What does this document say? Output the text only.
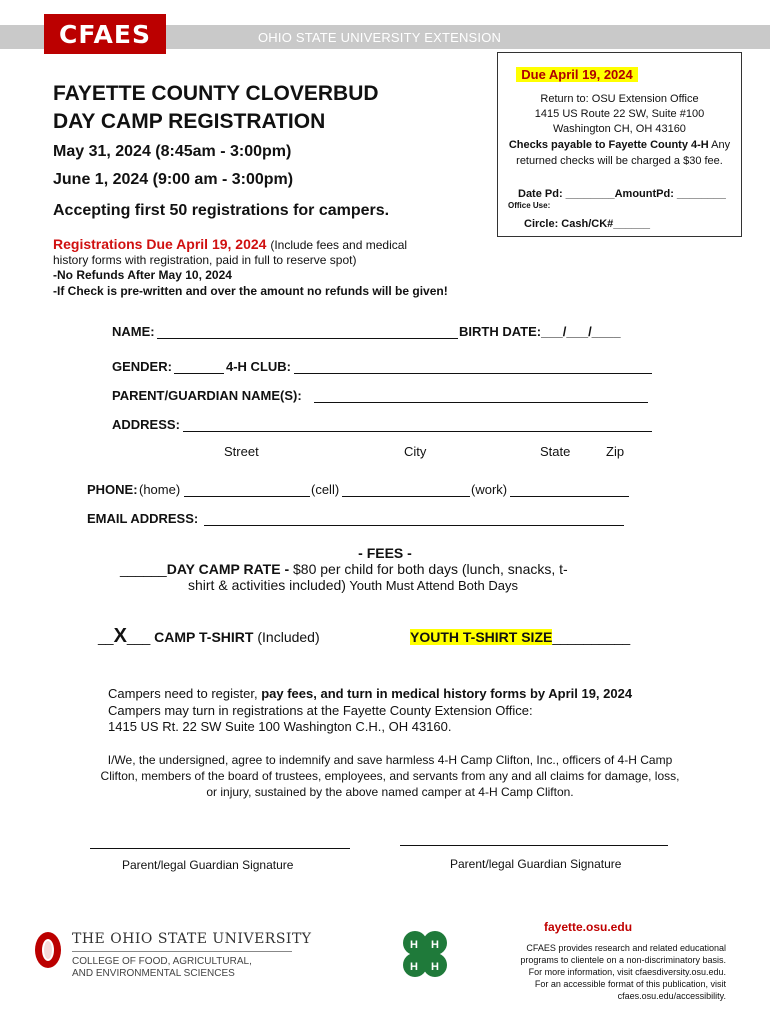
OHIO STATE UNIVERSITY EXTENSION
CFAES
FAYETTE COUNTY CLOVERBUD
DAY CAMP REGISTRATION
May 31, 2024 (8:45am - 3:00pm)
June 1, 2024 (9:00 am - 3:00pm)
Accepting first 50 registrations for campers.
Registrations Due April 19, 2024 (Include fees and medical
history forms with registration, paid in full to reserve spot)
-No Refunds After May 10, 2024
-If Check is pre-written and over the amount no refunds will be given!
Due April 19, 2024
Return to: OSU Extension Office
1415 US Route 22 SW, Suite #100
Washington CH, OH 43160
Checks payable to Fayette County 4-H Any
returned checks will be charged a $30 fee.
Date Pd: ________AmountPd: ________
Office Use:
Circle: Cash/CK#______
NAME:	BIRTH DATE:___/___/____
GENDER:	4-H CLUB:
PARENT/GUARDIAN NAME(S):
ADDRESS:
Street	City	State	Zip
PHONE: (home)	(cell)	(work)
EMAIL ADDRESS:
- FEES -
______DAY CAMP RATE - $80 per child for both days (lunch, snacks, t-
shirt & activities included) Youth Must Attend Both Days
__X___ CAMP T-SHIRT (Included)	YOUTH T-SHIRT SIZE__________
Campers need to register, pay fees, and turn in medical history forms by April 19, 2024
Campers may turn in registrations at the Fayette County Extension Office:
1415 US Rt. 22 SW Suite 100 Washington C.H., OH 43160.
I/We, the undersigned, agree to indemnify and save harmless 4-H Camp Clifton, Inc., officers of 4-H Camp Clifton, members of the board of trustees, employees, and servants from any and all claims for damage, loss, or injury, sustained by the above named camper at 4-H Camp Clifton.
Parent/legal Guardian Signature	Parent/legal Guardian Signature
THE OHIO STATE UNIVERSITY
COLLEGE OF FOOD, AGRICULTURAL,
AND ENVIRONMENTAL SCIENCES
H H
H H
fayette.osu.edu
CFAES provides research and related educational
programs to clientele on a non-discriminatory basis.
For more information, visit cfaesdiversity.osu.edu.
For an accessible format of this publication, visit
cfaes.osu.edu/accessibility.
